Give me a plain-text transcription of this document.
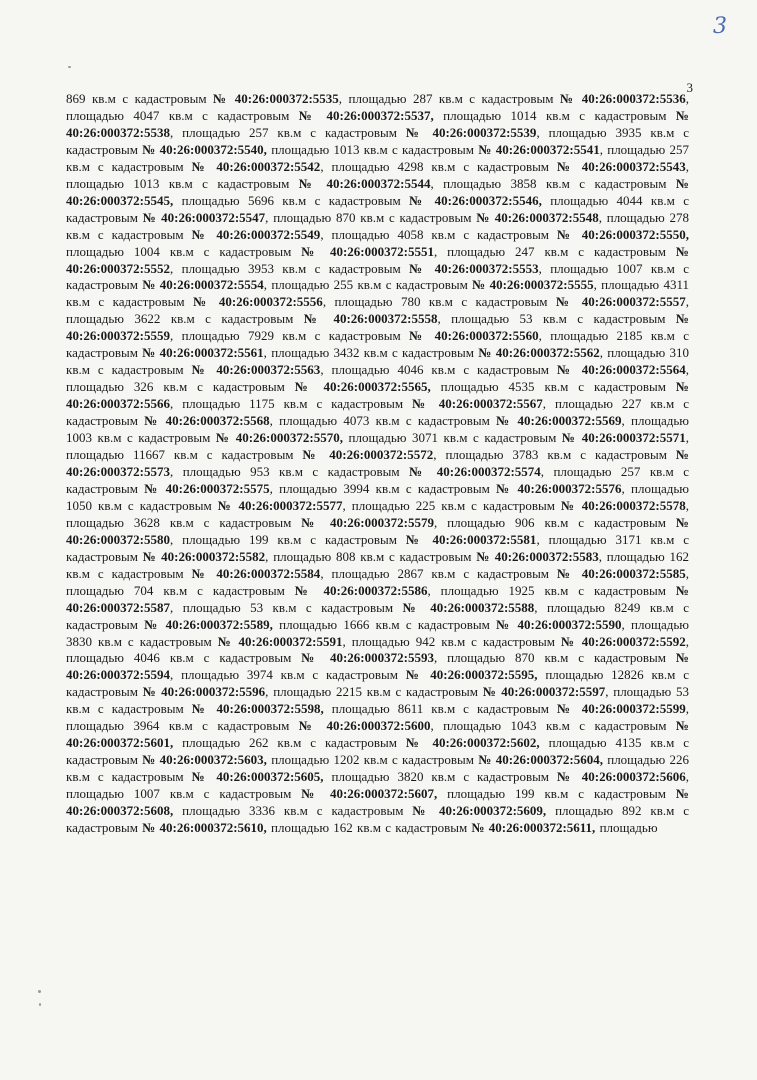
3
3
869 кв.м с кадастровым № 40:26:000372:5535, площадью 287 кв.м с кадастровым № 40:26:000372:5536, площадью 4047 кв.м с кадастровым № 40:26:000372:5537, площадью 1014 кв.м с кадастровым № 40:26:000372:5538, площадью 257 кв.м с кадастровым № 40:26:000372:5539, площадью 3935 кв.м с кадастровым № 40:26:000372:5540, площадью 1013 кв.м с кадастровым № 40:26:000372:5541, площадью 257 кв.м с кадастровым № 40:26:000372:5542, площадью 4298 кв.м с кадастровым № 40:26:000372:5543, площадью 1013 кв.м с кадастровым № 40:26:000372:5544, площадью 3858 кв.м с кадастровым № 40:26:000372:5545, площадью 5696 кв.м с кадастровым № 40:26:000372:5546, площадью 4044 кв.м с кадастровым № 40:26:000372:5547, площадью 870 кв.м с кадастровым № 40:26:000372:5548, площадью 278 кв.м с кадастровым № 40:26:000372:5549, площадью 4058 кв.м с кадастровым № 40:26:000372:5550, площадью 1004 кв.м с кадастровым № 40:26:000372:5551, площадью 247 кв.м с кадастровым № 40:26:000372:5552, площадью 3953 кв.м с кадастровым № 40:26:000372:5553, площадью 1007 кв.м с кадастровым № 40:26:000372:5554, площадью 255 кв.м с кадастровым № 40:26:000372:5555, площадью 4311 кв.м с кадастровым № 40:26:000372:5556, площадью 780 кв.м с кадастровым № 40:26:000372:5557, площадью 3622 кв.м с кадастровым № 40:26:000372:5558, площадью 53 кв.м с кадастровым № 40:26:000372:5559, площадью 7929 кв.м с кадастровым № 40:26:000372:5560, площадью 2185 кв.м с кадастровым № 40:26:000372:5561, площадью 3432 кв.м с кадастровым № 40:26:000372:5562, площадью 310 кв.м с кадастровым № 40:26:000372:5563, площадью 4046 кв.м с кадастровым № 40:26:000372:5564, площадью 326 кв.м с кадастровым № 40:26:000372:5565, площадью 4535 кв.м с кадастровым № 40:26:000372:5566, площадью 1175 кв.м с кадастровым № 40:26:000372:5567, площадью 227 кв.м с кадастровым № 40:26:000372:5568, площадью 4073 кв.м с кадастровым № 40:26:000372:5569, площадью 1003 кв.м с кадастровым № 40:26:000372:5570, площадью 3071 кв.м с кадастровым № 40:26:000372:5571, площадью 11667 кв.м с кадастровым № 40:26:000372:5572, площадью 3783 кв.м с кадастровым № 40:26:000372:5573, площадью 953 кв.м с кадастровым № 40:26:000372:5574, площадью 257 кв.м с кадастровым № 40:26:000372:5575, площадью 3994 кв.м с кадастровым № 40:26:000372:5576, площадью 1050 кв.м с кадастровым № 40:26:000372:5577, площадью 225 кв.м с кадастровым № 40:26:000372:5578, площадью 3628 кв.м с кадастровым № 40:26:000372:5579, площадью 906 кв.м с кадастровым № 40:26:000372:5580, площадью 199 кв.м с кадастровым № 40:26:000372:5581, площадью 3171 кв.м с кадастровым № 40:26:000372:5582, площадью 808 кв.м с кадастровым № 40:26:000372:5583, площадью 162 кв.м с кадастровым № 40:26:000372:5584, площадью 2867 кв.м с кадастровым № 40:26:000372:5585, площадью 704 кв.м с кадастровым № 40:26:000372:5586, площадью 1925 кв.м с кадастровым № 40:26:000372:5587, площадью 53 кв.м с кадастровым № 40:26:000372:5588, площадью 8249 кв.м с кадастровым № 40:26:000372:5589, площадью 1666 кв.м с кадастровым № 40:26:000372:5590, площадью 3830 кв.м с кадастровым № 40:26:000372:5591, площадью 942 кв.м с кадастровым № 40:26:000372:5592, площадью 4046 кв.м с кадастровым № 40:26:000372:5593, площадью 870 кв.м с кадастровым № 40:26:000372:5594, площадью 3974 кв.м с кадастровым № 40:26:000372:5595, площадью 12826 кв.м с кадастровым № 40:26:000372:5596, площадью 2215 кв.м с кадастровым № 40:26:000372:5597, площадью 53 кв.м с кадастровым № 40:26:000372:5598, площадью 8611 кв.м с кадастровым № 40:26:000372:5599, площадью 3964 кв.м с кадастровым № 40:26:000372:5600, площадью 1043 кв.м с кадастровым № 40:26:000372:5601, площадью 262 кв.м с кадастровым № 40:26:000372:5602, площадью 4135 кв.м с кадастровым № 40:26:000372:5603, площадью 1202 кв.м с кадастровым № 40:26:000372:5604, площадью 226 кв.м с кадастровым № 40:26:000372:5605, площадью 3820 кв.м с кадастровым № 40:26:000372:5606, площадью 1007 кв.м с кадастровым № 40:26:000372:5607, площадью 199 кв.м с кадастровым № 40:26:000372:5608, площадью 3336 кв.м с кадастровым № 40:26:000372:5609, площадью 892 кв.м с кадастровым № 40:26:000372:5610, площадью 162 кв.м с кадастровым № 40:26:000372:5611, площадью
